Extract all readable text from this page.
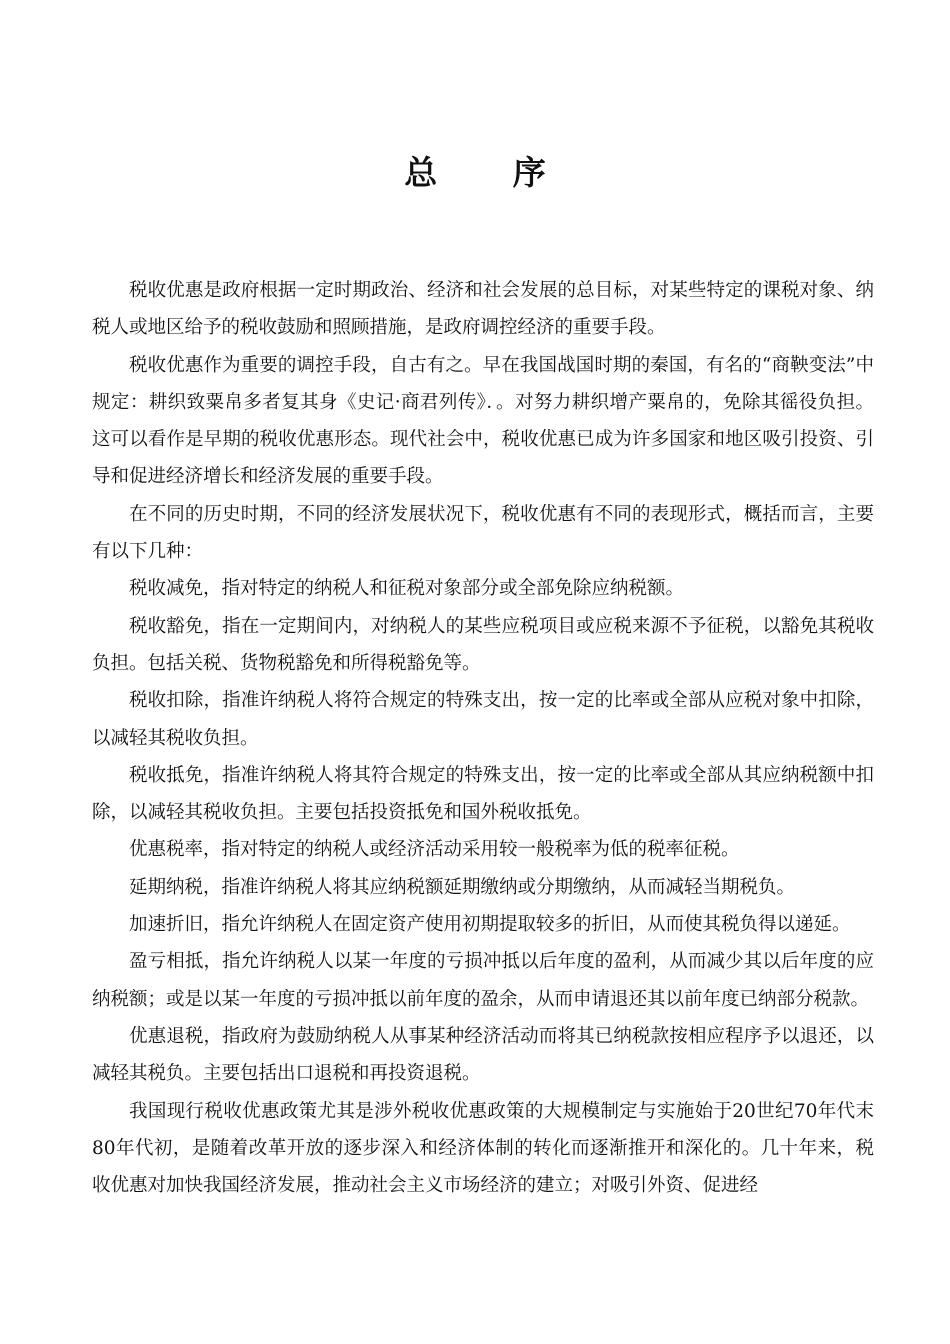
总 序

税收优惠是政府根据一定时期政治、经济和社会发展的总目标，对某些特定的课税对象、纳税人或地区给予的税收鼓励和照顾措施，是政府调控经济的重要手段。

税收优惠作为重要的调控手段，自古有之。早在我国战国时期的秦国，有名的“商鞅变法”中规定：耕织致粟帛多者复其身《史记·商君列传》．。对努力耕织增产粟帛的，免除其徭役负担。这可以看作是早期的税收优惠形态。现代社会中，税收优惠已成为许多国家和地区吸引投资、引导和促进经济增长和经济发展的重要手段。

在不同的历史时期，不同的经济发展状况下，税收优惠有不同的表现形式，概括而言，主要有以下几种：

税收减免，指对特定的纳税人和征税对象部分或全部免除应纳税额。

税收豁免，指在一定期间内，对纳税人的某些应税项目或应税来源不予征税，以豁免其税收负担。包括关税、货物税豁免和所得税豁免等。

税收扣除，指准许纳税人将符合规定的特殊支出，按一定的比率或全部从应税对象中扣除，以减轻其税收负担。

税收抵免，指准许纳税人将其符合规定的特殊支出，按一定的比率或全部从其应纳税额中扣除，以减轻其税收负担。主要包括投资抵免和国外税收抵免。

优惠税率，指对特定的纳税人或经济活动采用较一般税率为低的税率征税。

延期纳税，指准许纳税人将其应纳税额延期缴纳或分期缴纳，从而减轻当期税负。

加速折旧，指允许纳税人在固定资产使用初期提取较多的折旧，从而使其税负得以递延。

盈亏相抵，指允许纳税人以某一年度的亏损冲抵以后年度的盈利，从而减少其以后年度的应纳税额；或是以某一年度的亏损冲抵以前年度的盈余，从而申请退还其以前年度已纳部分税款。

优惠退税，指政府为鼓励纳税人从事某种经济活动而将其已纳税款按相应程序予以退还，以减轻其税负。主要包括出口退税和再投资退税。

我国现行税收优惠政策尤其是涉外税收优惠政策的大规模制定与实施始于20世纪70年代末80年代初，是随着改革开放的逐步深入和经济体制的转化而逐渐推开和深化的。几十年来，税收优惠对加快我国经济发展，推动社会主义市场经济的建立；对吸引外资、促进经
